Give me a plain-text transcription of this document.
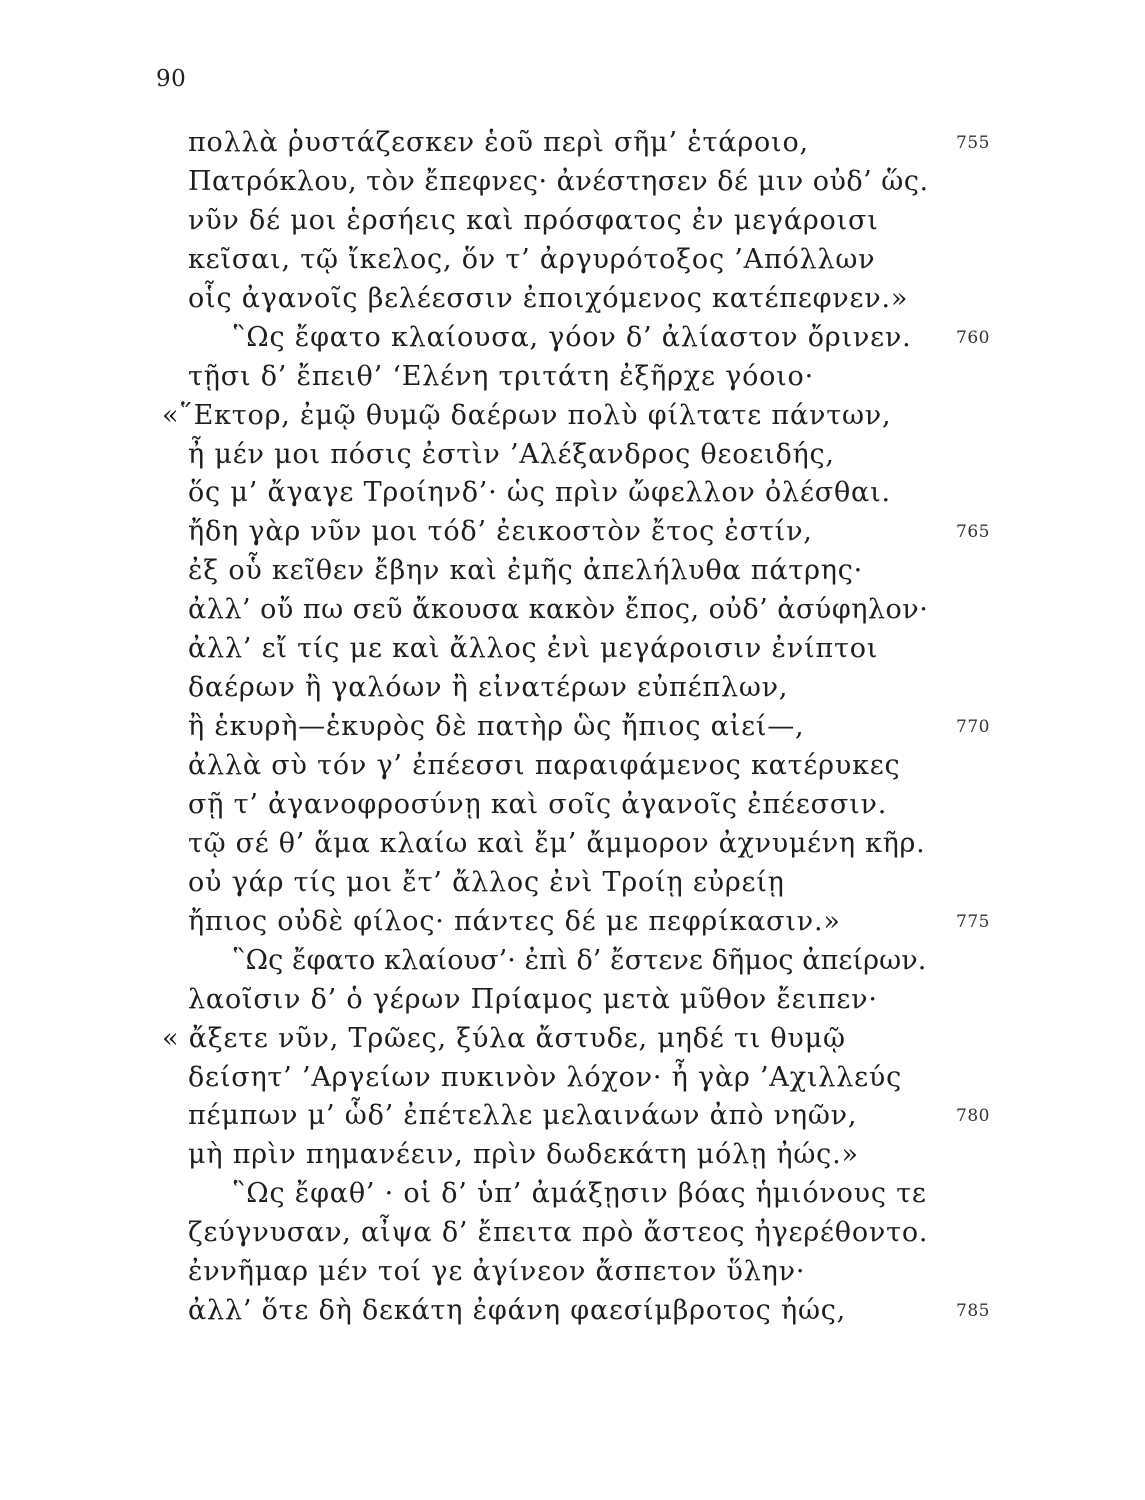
90
πολλὰ ῥυστάζεσκεν ἑοῦ περὶ σῆμ’ ἑτάροιο,	755
Πατρόκλου, τὸν ἔπεφνες· ἀνέστησεν δέ μιν οὐδ’ ὥς.
νῦν δέ μοι ἑρσήεις καὶ πρόσφατος ἐν μεγάροισι
κεῖσαι, τῷ ἴκελος, ὅν τ’ ἀργυρότοξος ’Απόλλων
οἷς ἀγανοῖς βελέεσσιν ἐποιχόμενος κατέπεφνεν.»
῝Ως ἔφατο κλαίουσα, γόον δ’ ἀλίαστον ὄρινεν.	760
τῇσι δ’ ἔπειθ’ ‘Ελένη τριτάτη ἐξῆρχε γόοιο·
«῞Εκτορ, ἐμῷ θυμῷ δαέρων πολὺ φίλτατε πάντων,
ἦ μέν μοι πόσις ἐστὶν ’Αλέξανδρος θεοειδής,
ὅς μ’ ἄγαγε Τροίηνδ’· ὡς πρὶν ὤφελλον ὀλέσθαι.
ἤδη γὰρ νῦν μοι τόδ’ ἐεικοστὸν ἔτος ἐστίν,	765
ἐξ οὗ κεῖθεν ἔβην καὶ ἐμῆς ἀπελήλυθα πάτρης·
ἀλλ’ οὔ πω σεῦ ἄκουσα κακὸν ἔπος, οὐδ’ ἀσύφηλον·
ἀλλ’ εἴ τίς με καὶ ἄλλος ἐνὶ μεγάροισιν ἐνίπτοι
δαέρων ἢ γαλόων ἢ εἰνατέρων εὐπέπλων,
ἢ ἑκυρὴ—ἑκυρὸς δὲ πατὴρ ὣς ἤπιος αἰεί—,	770
ἀλλὰ σὺ τόν γ’ ἐπέεσσι παραιφάμενος κατέρυκες
σῇ τ’ ἀγανοφροσύνῃ καὶ σοῖς ἀγανοῖς ἐπέεσσιν.
τῷ σέ θ’ ἅμα κλαίω καὶ ἔμ’ ἄμμορον ἀχνυμένη κῆρ.
οὐ γάρ τίς μοι ἔτ’ ἄλλος ἐνὶ Τροίῃ εὐρείῃ
ἤπιος οὐδὲ φίλος· πάντες δέ με πεφρίκασιν.»	775
῝Ως ἔφατο κλαίουσ’· ἐπὶ δ’ ἔστενε δῆμος ἀπείρων.
λαοῖσιν δ’ ὁ γέρων Πρίαμος μετὰ μῦθον ἔειπεν·
« ἄξετε νῦν, Τρῶες, ξύλα ἄστυδε, μηδέ τι θυμῷ
δείσητ’ ’Αργείων πυκινὸν λόχον· ἦ γὰρ ’Αχιλλεύς
πέμπων μ’ ὧδ’ ἐπέτελλε μελαινάων ἀπὸ νηῶν,	780
μὴ πρὶν πημανέειν, πρὶν δωδεκάτη μόλῃ ἠώς.»
῝Ως ἔφαθ’ · οἱ δ’ ὑπ’ ἀμάξῃσιν βόας ἡμιόνους τε
ζεύγνυσαν, αἶψα δ’ ἔπειτα πρὸ ἄστεος ἠγερέθοντο.
ἐννῆμαρ μέν τοί γε ἀγίνεον ἄσπετον ὕλην·
ἀλλ’ ὅτε δὴ δεκάτη ἐφάνη φαεσίμβροτος ἠώς,	785
